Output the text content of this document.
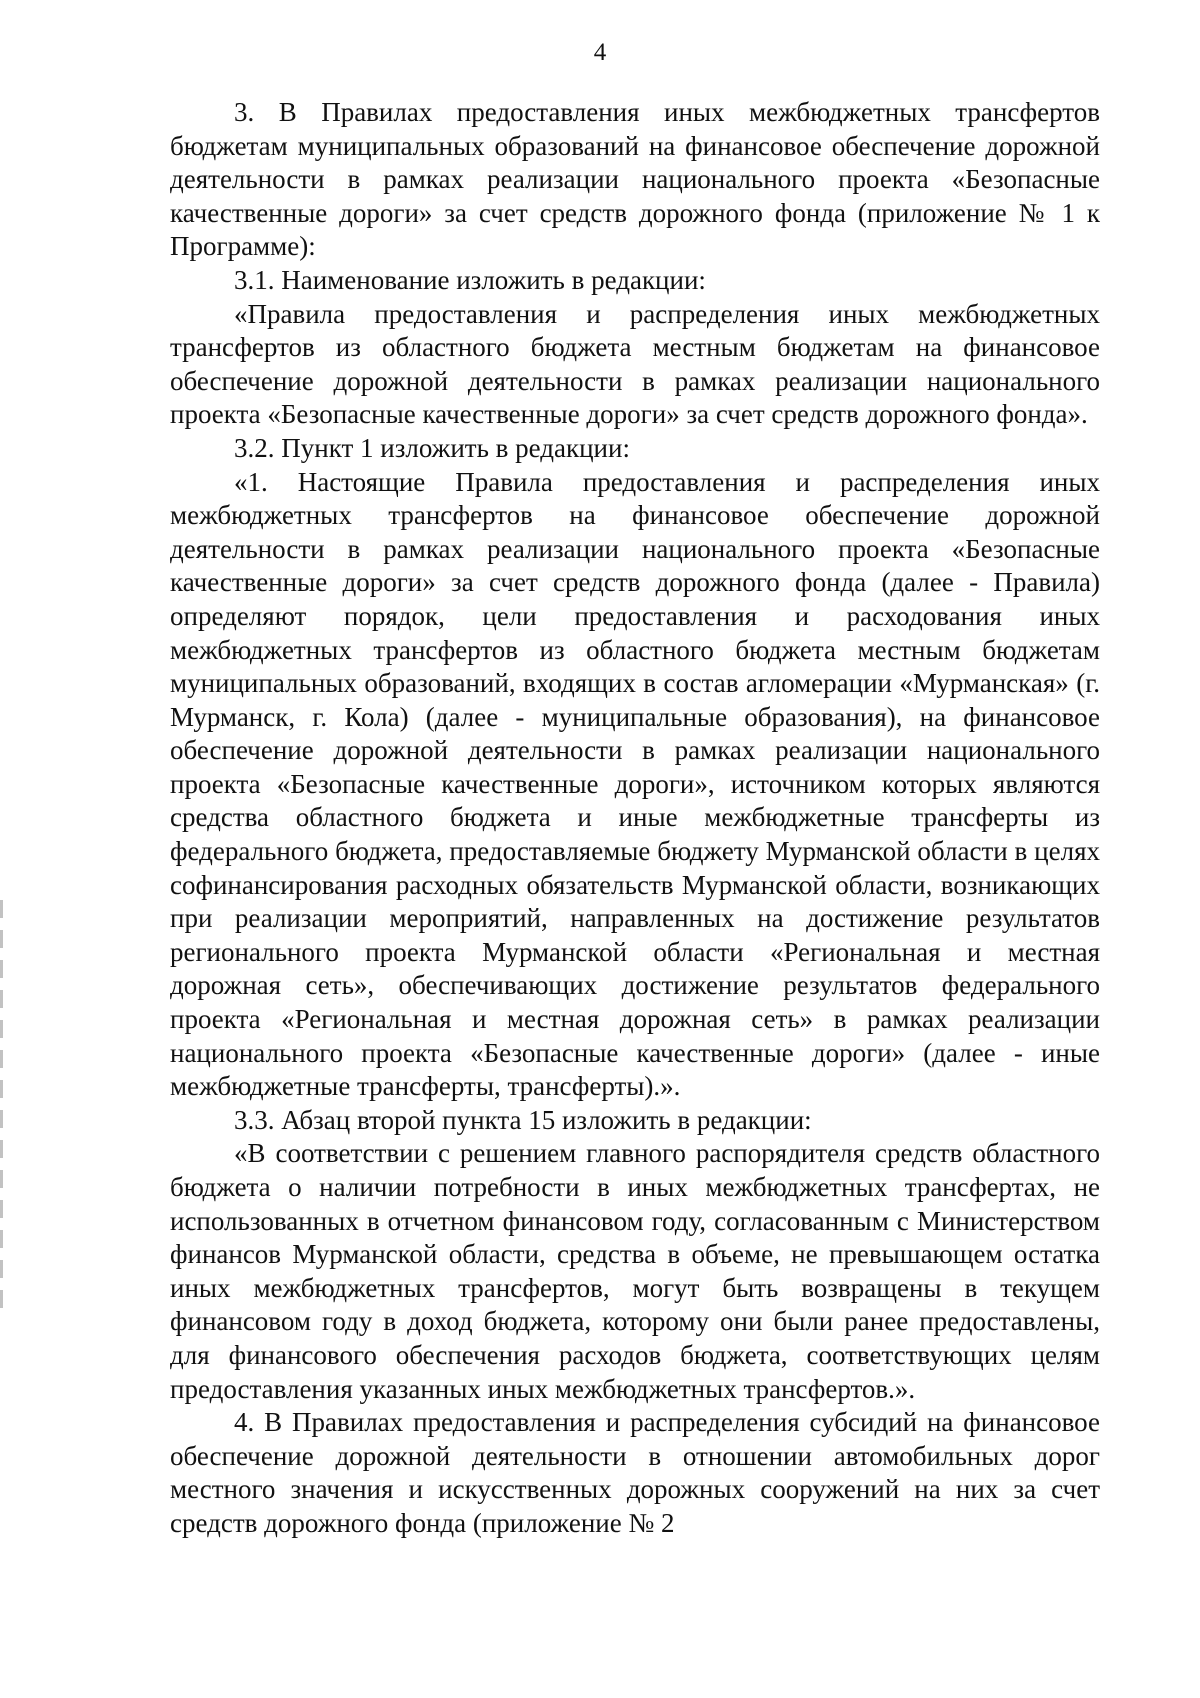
4

3. В Правилах предоставления иных межбюджетных трансфертов бюджетам муниципальных образований на финансовое обеспечение дорожной деятельности в рамках реализации национального проекта «Безопасные качественные дороги» за счет средств дорожного фонда (приложение № 1 к Программе):

3.1. Наименование изложить в редакции:

«Правила предоставления и распределения иных межбюджетных трансфертов из областного бюджета местным бюджетам на финансовое обеспечение дорожной деятельности в рамках реализации национального проекта «Безопасные качественные дороги» за счет средств дорожного фонда».

3.2. Пункт 1 изложить в редакции:

«1. Настоящие Правила предоставления и распределения иных межбюджетных трансфертов на финансовое обеспечение дорожной деятельности в рамках реализации национального проекта «Безопасные качественные дороги» за счет средств дорожного фонда (далее - Правила) определяют порядок, цели предоставления и расходования иных межбюджетных трансфертов из областного бюджета местным бюджетам муниципальных образований, входящих в состав агломерации «Мурманская» (г. Мурманск, г. Кола) (далее - муниципальные образования), на финансовое обеспечение дорожной деятельности в рамках реализации национального проекта «Безопасные качественные дороги», источником которых являются средства областного бюджета и иные межбюджетные трансферты из федерального бюджета, предоставляемые бюджету Мурманской области в целях софинансирования расходных обязательств Мурманской области, возникающих при реализации мероприятий, направленных на достижение результатов регионального проекта Мурманской области «Региональная и местная дорожная сеть», обеспечивающих достижение результатов федерального проекта «Региональная и местная дорожная сеть» в рамках реализации национального проекта «Безопасные качественные дороги» (далее - иные межбюджетные трансферты, трансферты).».

3.3. Абзац второй пункта 15 изложить в редакции:

«В соответствии с решением главного распорядителя средств областного бюджета о наличии потребности в иных межбюджетных трансфертах, не использованных в отчетном финансовом году, согласованным с Министерством финансов Мурманской области, средства в объеме, не превышающем остатка иных межбюджетных трансфертов, могут быть возвращены в текущем финансовом году в доход бюджета, которому они были ранее предоставлены, для финансового обеспечения расходов бюджета, соответствующих целям предоставления указанных иных межбюджетных трансфертов.».

4. В Правилах предоставления и распределения субсидий на финансовое обеспечение дорожной деятельности в отношении автомобильных дорог местного значения и искусственных дорожных сооружений на них за счет средств дорожного фонда (приложение № 2
